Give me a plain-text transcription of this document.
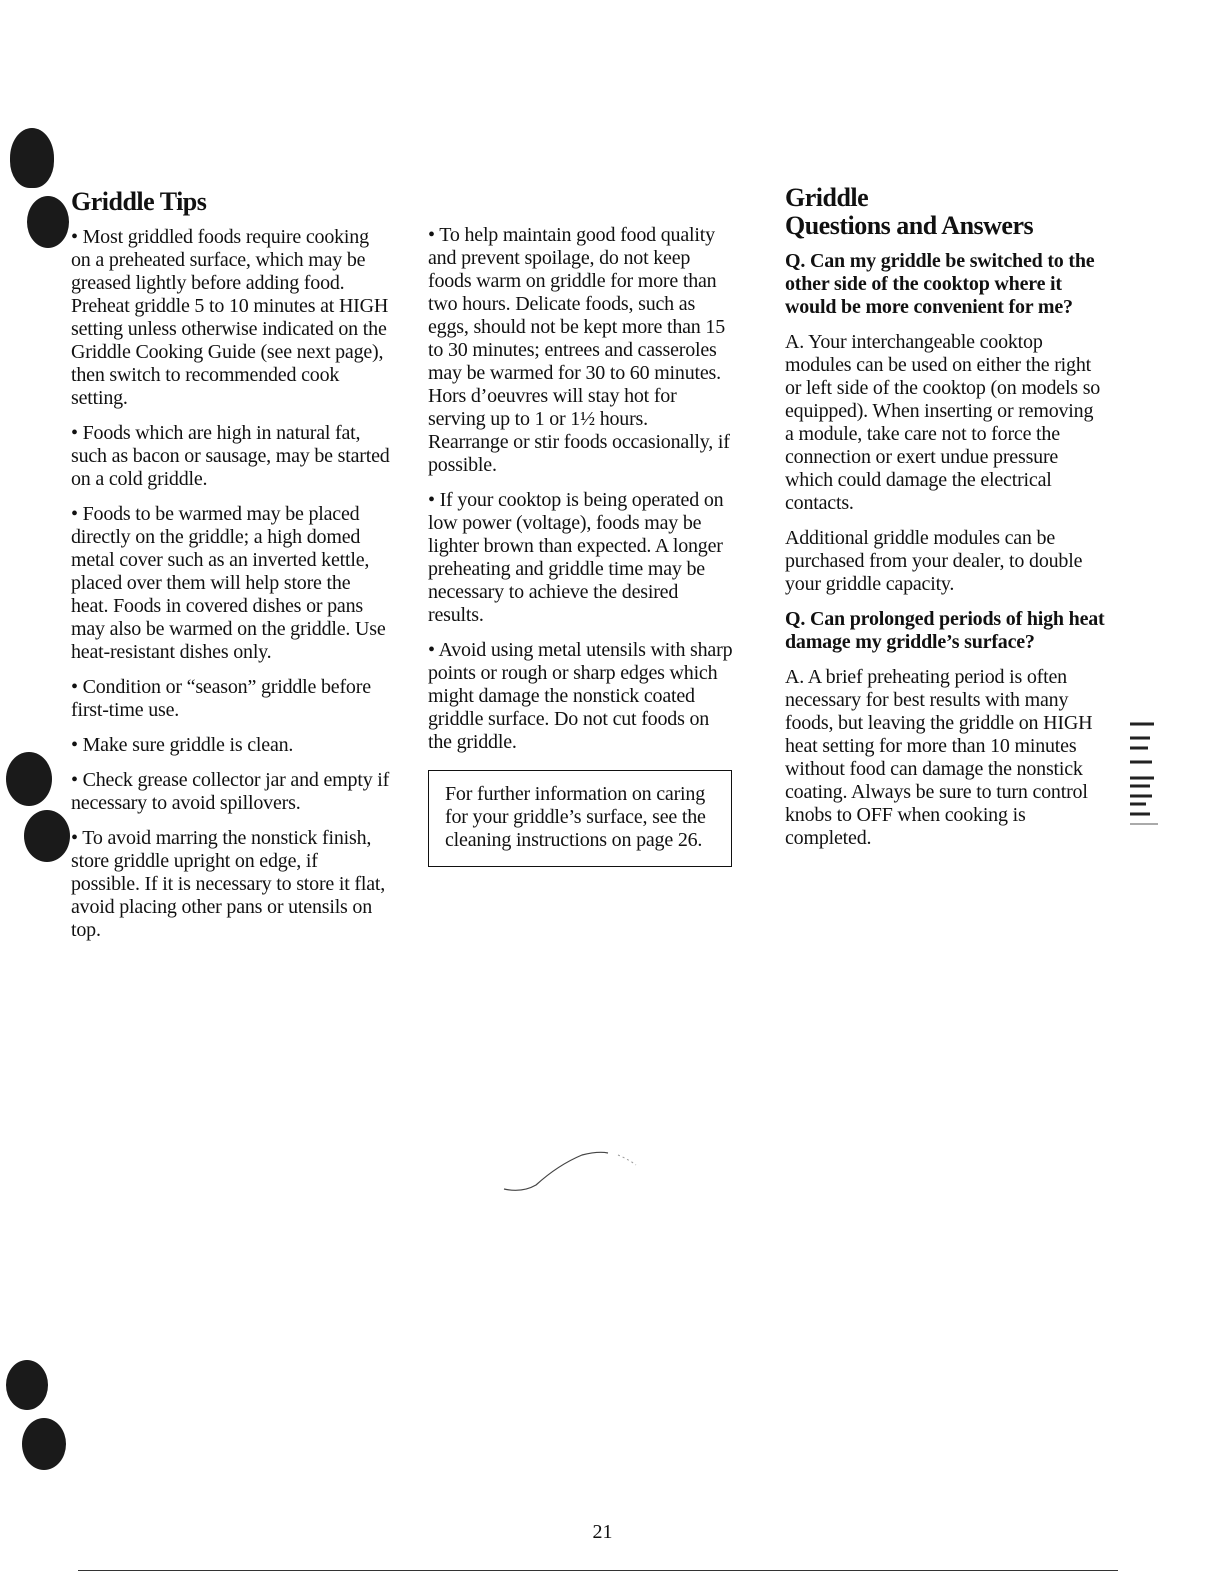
Griddle Tips

• Most griddled foods require cooking on a preheated surface, which may be greased lightly before adding food. Preheat griddle 5 to 10 minutes at HIGH setting unless otherwise indicated on the Griddle Cooking Guide (see next page), then switch to recommended cook setting.

• Foods which are high in natural fat, such as bacon or sausage, may be started on a cold griddle.

• Foods to be warmed may be placed directly on the griddle; a high domed metal cover such as an inverted kettle, placed over them will help store the heat. Foods in covered dishes or pans may also be warmed on the griddle. Use heat-resistant dishes only.

• Condition or “season” griddle before first-time use.

• Make sure griddle is clean.

• Check grease collector jar and empty if necessary to avoid spillovers.

• To avoid marring the nonstick finish, store griddle upright on edge, if possible. If it is necessary to store it flat, avoid placing other pans or utensils on top.

• To help maintain good food quality and prevent spoilage, do not keep foods warm on griddle for more than two hours. Delicate foods, such as eggs, should not be kept more than 15 to 30 minutes; entrees and casseroles may be warmed for 30 to 60 minutes. Hors d’oeuvres will stay hot for serving up to 1 or 1½ hours. Rearrange or stir foods occasionally, if possible.

• If your cooktop is being operated on low power (voltage), foods may be lighter brown than expected. A longer preheating and griddle time may be necessary to achieve the desired results.

• Avoid using metal utensils with sharp points or rough or sharp edges which might damage the nonstick coated griddle surface. Do not cut foods on the griddle.

For further information on caring for your griddle’s surface, see the cleaning instructions on page 26.
Griddle
Questions and Answers

Q. Can my griddle be switched to the other side of the cooktop where it would be more convenient for me?

A. Your interchangeable cooktop modules can be used on either the right or left side of the cooktop (on models so equipped). When inserting or removing a module, take care not to force the connection or exert undue pressure which could damage the electrical contacts.

Additional griddle modules can be purchased from your dealer, to double your griddle capacity.

Q. Can prolonged periods of high heat damage my griddle’s surface?

A. A brief preheating period is often necessary for best results with many foods, but leaving the griddle on HIGH heat setting for more than 10 minutes without food can damage the nonstick coating. Always be sure to turn control knobs to OFF when cooking is completed.

21
